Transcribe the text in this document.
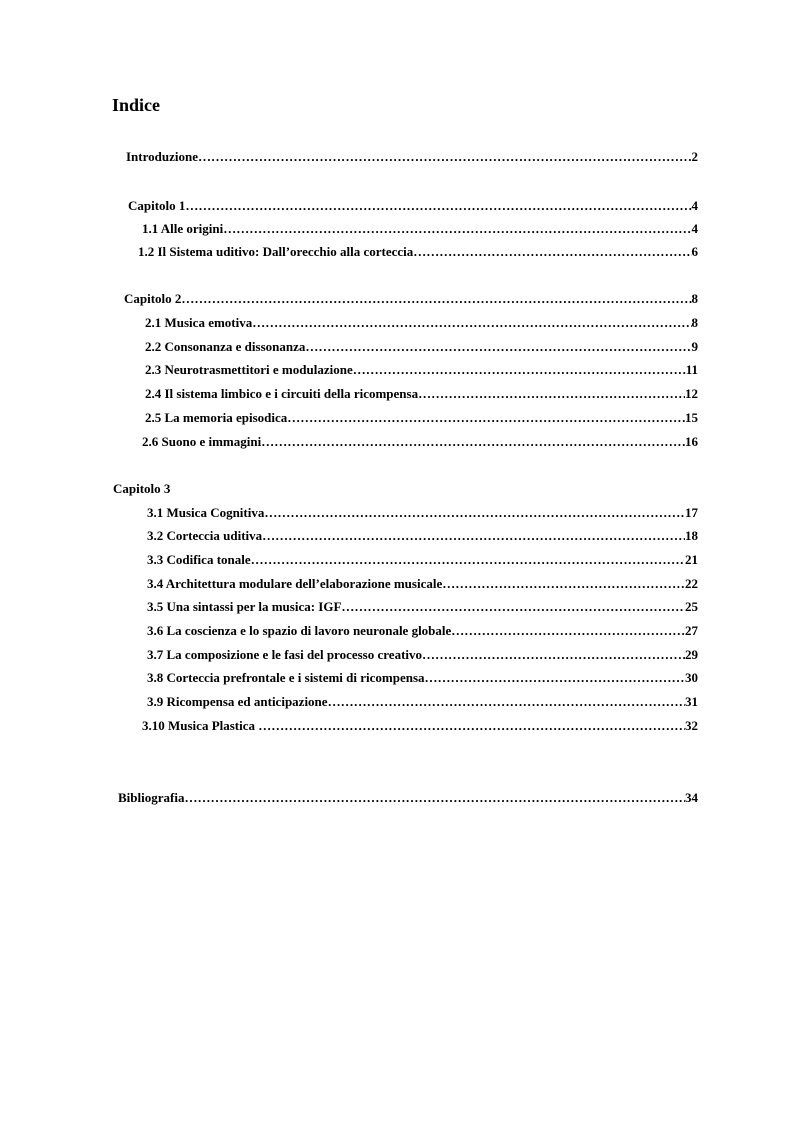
Indice
Introduzione ………………………………………………………………………………………………………………………………………………………………………………………………………………………………………………	2
Capitolo 1 ………………………………………………………………………………………………………………………………………………………………………………………………………………………………………………	4
1.1 Alle origini ………………………………………………………………………………………………………………………………………………………………………………………………………………………………………………	4
1.2 Il Sistema uditivo: Dall’orecchio alla corteccia ………………………………………………………………………………………………………………………………………………………………………………………………………………………………………………	6
Capitolo 2 ………………………………………………………………………………………………………………………………………………………………………………………………………………………………………………	8
2.1 Musica emotiva ………………………………………………………………………………………………………………………………………………………………………………………………………………………………………………	8
2.2 Consonanza e dissonanza ………………………………………………………………………………………………………………………………………………………………………………………………………………………………………………	9
2.3 Neurotrasmettitori e modulazione ………………………………………………………………………………………………………………………………………………………………………………………………………………………………………………	11
2.4 Il sistema limbico e i circuiti della ricompensa ………………………………………………………………………………………………………………………………………………………………………………………………………………………………………………	12
2.5 La memoria episodica ………………………………………………………………………………………………………………………………………………………………………………………………………………………………………………	15
2.6 Suono e immagini ………………………………………………………………………………………………………………………………………………………………………………………………………………………………………………	16
Capitolo 3
3.1 Musica Cognitiva ………………………………………………………………………………………………………………………………………………………………………………………………………………………………………………	17
3.2 Corteccia uditiva ………………………………………………………………………………………………………………………………………………………………………………………………………………………………………………	18
3.3 Codifica tonale ………………………………………………………………………………………………………………………………………………………………………………………………………………………………………………	21
3.4 Architettura modulare dell’elaborazione musicale ………………………………………………………………………………………………………………………………………………………………………………………………………………………………………………	22
3.5 Una sintassi per la musica: IGF ………………………………………………………………………………………………………………………………………………………………………………………………………………………………………………	25
3.6 La coscienza e lo spazio di lavoro neuronale globale ………………………………………………………………………………………………………………………………………………………………………………………………………………………………………………	27
3.7 La composizione e le fasi del processo creativo ………………………………………………………………………………………………………………………………………………………………………………………………………………………………………………	29
3.8 Corteccia prefrontale e i sistemi di ricompensa ………………………………………………………………………………………………………………………………………………………………………………………………………………………………………………	30
3.9 Ricompensa ed anticipazione ………………………………………………………………………………………………………………………………………………………………………………………………………………………………………………	31
3.10 Musica Plastica ………………………………………………………………………………………………………………………………………………………………………………………………………………………………………………	32
Bibliografia ………………………………………………………………………………………………………………………………………………………………………………………………………………………………………………	34
